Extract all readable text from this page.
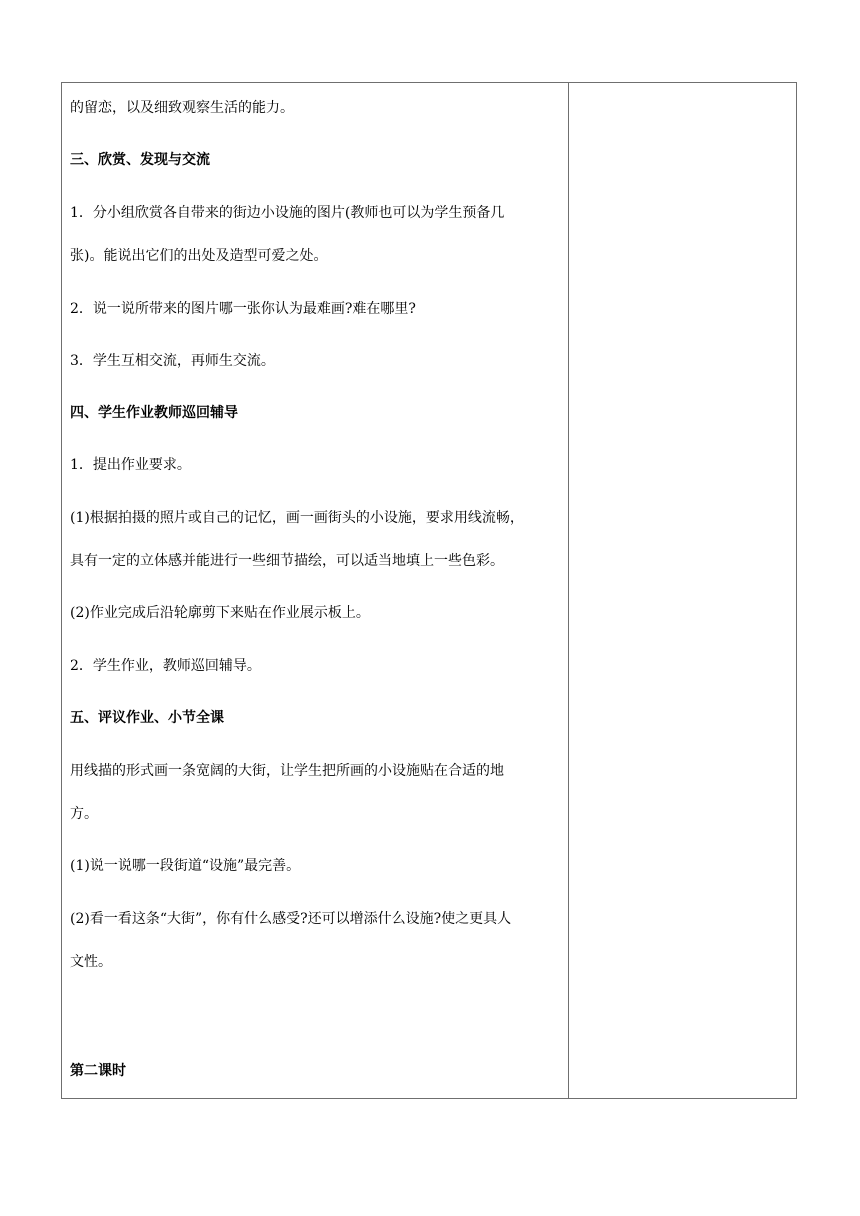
的留恋，以及细致观察生活的能力。
三、欣赏、发现与交流
1．分小组欣赏各自带来的街边小设施的图片(教师也可以为学生预备几
张)。能说出它们的出处及造型可爱之处。
2．说一说所带来的图片哪一张你认为最难画?难在哪里?
3．学生互相交流，再师生交流。
四、学生作业教师巡回辅导
1．提出作业要求。
(1)根据拍摄的照片或自己的记忆，画一画街头的小设施，要求用线流畅，
具有一定的立体感并能进行一些细节描绘，可以适当地填上一些色彩。
(2)作业完成后沿轮廓剪下来贴在作业展示板上。
2．学生作业，教师巡回辅导。
五、评议作业、小节全课
用线描的形式画一条宽阔的大街，让学生把所画的小设施贴在合适的地
方。
(1)说一说哪一段街道“设施”最完善。
(2)看一看这条“大街”，你有什么感受?还可以增添什么设施?使之更具人
文性。
第二课时
